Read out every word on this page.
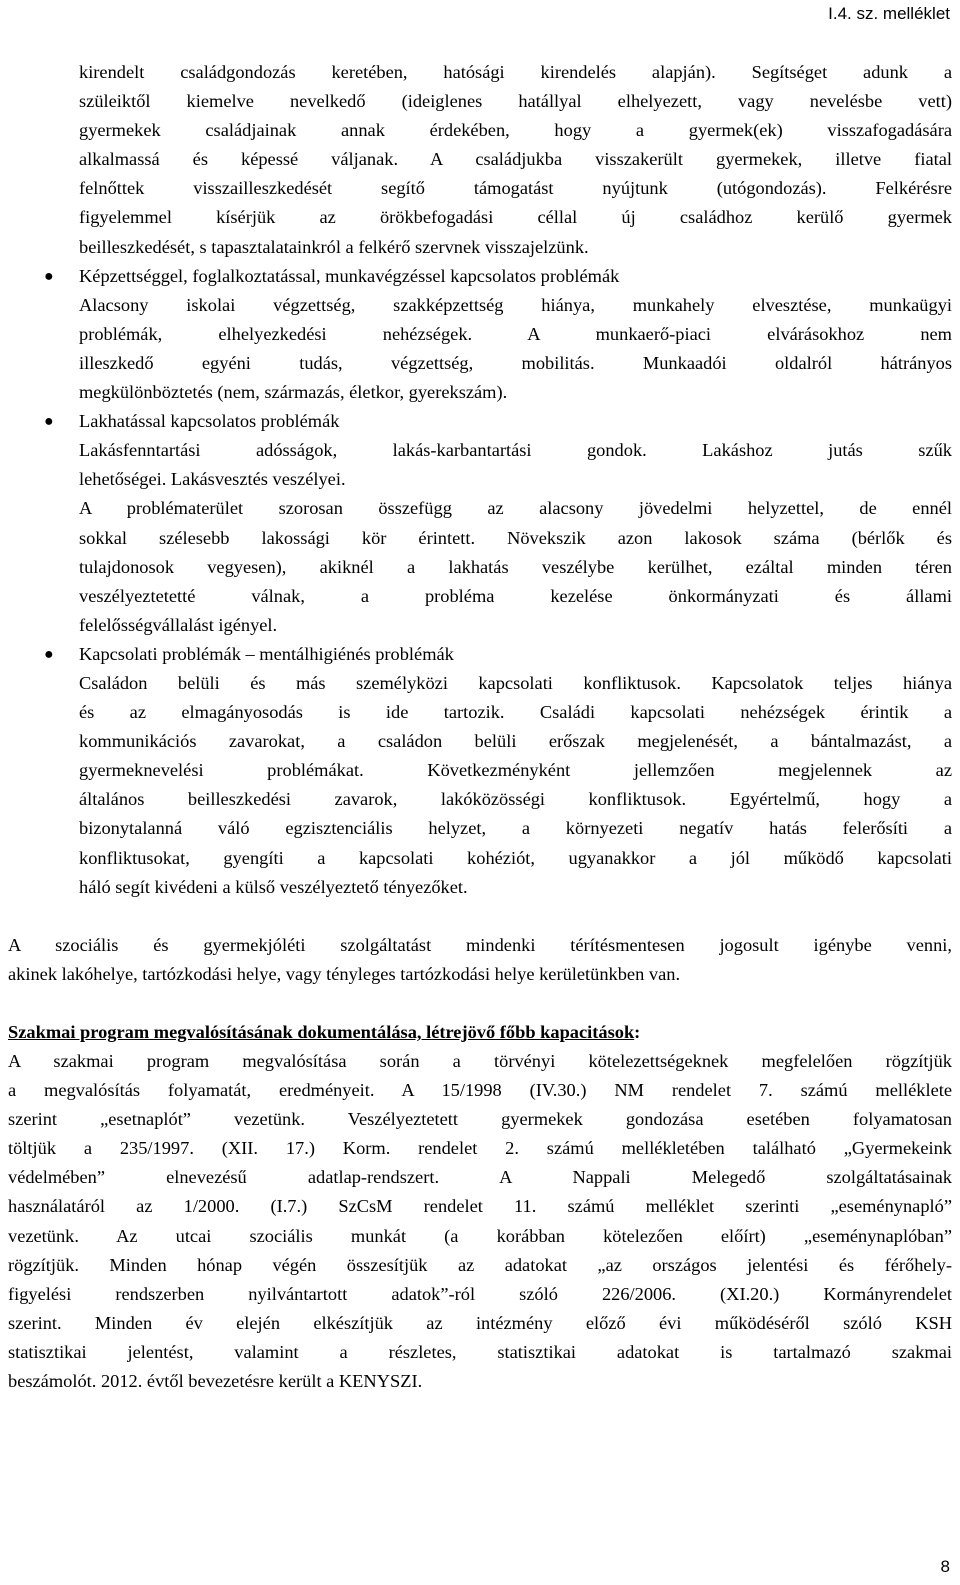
I.4. sz. melléklet

kirendelt családgondozás keretében, hatósági kirendelés alapján). Segítséget adunk a

szüleiktől kiemelve nevelkedő (ideiglenes hatállyal elhelyezett, vagy nevelésbe vett)

gyermekek családjainak annak érdekében, hogy a gyermek(ek) visszafogadására

alkalmassá és képessé váljanak. A családjukba visszakerült gyermekek, illetve fiatal

felnőttek visszailleszkedését segítő támogatást nyújtunk (utógondozás). Felkérésre

figyelemmel kísérjük az örökbefogadási céllal új családhoz kerülő gyermek

beilleszkedését, s tapasztalatainkról a felkérő szervnek visszajelzünk.

●	Képzettséggel, foglalkoztatással, munkavégzéssel kapcsolatos problémák

Alacsony iskolai végzettség, szakképzettség hiánya, munkahely elvesztése, munkaügyi

problémák, elhelyezkedési nehézségek. A munkaerő-piaci elvárásokhoz nem

illeszkedő egyéni tudás, végzettség, mobilitás. Munkaadói oldalról hátrányos

megkülönböztetés (nem, származás, életkor, gyerekszám).

●	Lakhatással kapcsolatos problémák

Lakásfenntartási adósságok, lakás-karbantartási gondok. Lakáshoz jutás szűk

lehetőségei. Lakásvesztés veszélyei.

A problématerület szorosan összefügg az alacsony jövedelmi helyzettel, de ennél

sokkal szélesebb lakossági kör érintett. Növekszik azon lakosok száma (bérlők és

tulajdonosok vegyesen), akiknél a lakhatás veszélybe kerülhet, ezáltal minden téren

veszélyeztetetté válnak, a probléma kezelése önkormányzati és állami

felelősségvállalást igényel.

●	Kapcsolati problémák – mentálhigiénés problémák

Családon belüli és más személyközi kapcsolati konfliktusok. Kapcsolatok teljes hiánya

és az elmagányosodás is ide tartozik. Családi kapcsolati nehézségek érintik a

kommunikációs zavarokat, a családon belüli erőszak megjelenését, a bántalmazást, a

gyermeknevelési problémákat. Következményként jellemzően megjelennek az

általános beilleszkedési zavarok, lakóközösségi konfliktusok. Egyértelmű, hogy a

bizonytalanná váló egzisztenciális helyzet, a környezeti negatív hatás felerősíti a

konfliktusokat, gyengíti a kapcsolati kohéziót, ugyanakkor a jól működő kapcsolati

háló segít kivédeni a külső veszélyeztető tényezőket.

A szociális és gyermekjóléti szolgáltatást mindenki térítésmentesen jogosult igénybe venni,

akinek lakóhelye, tartózkodási helye, vagy tényleges tartózkodási helye kerületünkben van.

Szakmai program megvalósításának dokumentálása, létrejövő főbb kapacitások:

A szakmai program megvalósítása során a törvényi kötelezettségeknek megfelelően rögzítjük

a megvalósítás folyamatát, eredményeit. A 15/1998 (IV.30.) NM rendelet 7. számú melléklete

szerint „esetnaplót” vezetünk. Veszélyeztetett gyermekek gondozása esetében folyamatosan

töltjük a 235/1997. (XII. 17.) Korm. rendelet 2. számú mellékletében található „Gyermekeink

védelmében” elnevezésű adatlap-rendszert. A Nappali Melegedő szolgáltatásainak

használatáról az 1/2000. (I.7.) SzCsM rendelet 11. számú melléklet szerinti „eseménynapló”

vezetünk. Az utcai szociális munkát (a korábban kötelezően előírt) „eseménynaplóban”

rögzítjük. Minden hónap végén összesítjük az adatokat „az országos jelentési és férőhely-

figyelési rendszerben nyilvántartott adatok”-ról szóló 226/2006. (XI.20.) Kormányrendelet

szerint. Minden év elején elkészítjük az intézmény előző évi működéséről szóló KSH

statisztikai jelentést, valamint a részletes, statisztikai adatokat is tartalmazó szakmai

beszámolót. 2012. évtől bevezetésre került a KENYSZI.

8
